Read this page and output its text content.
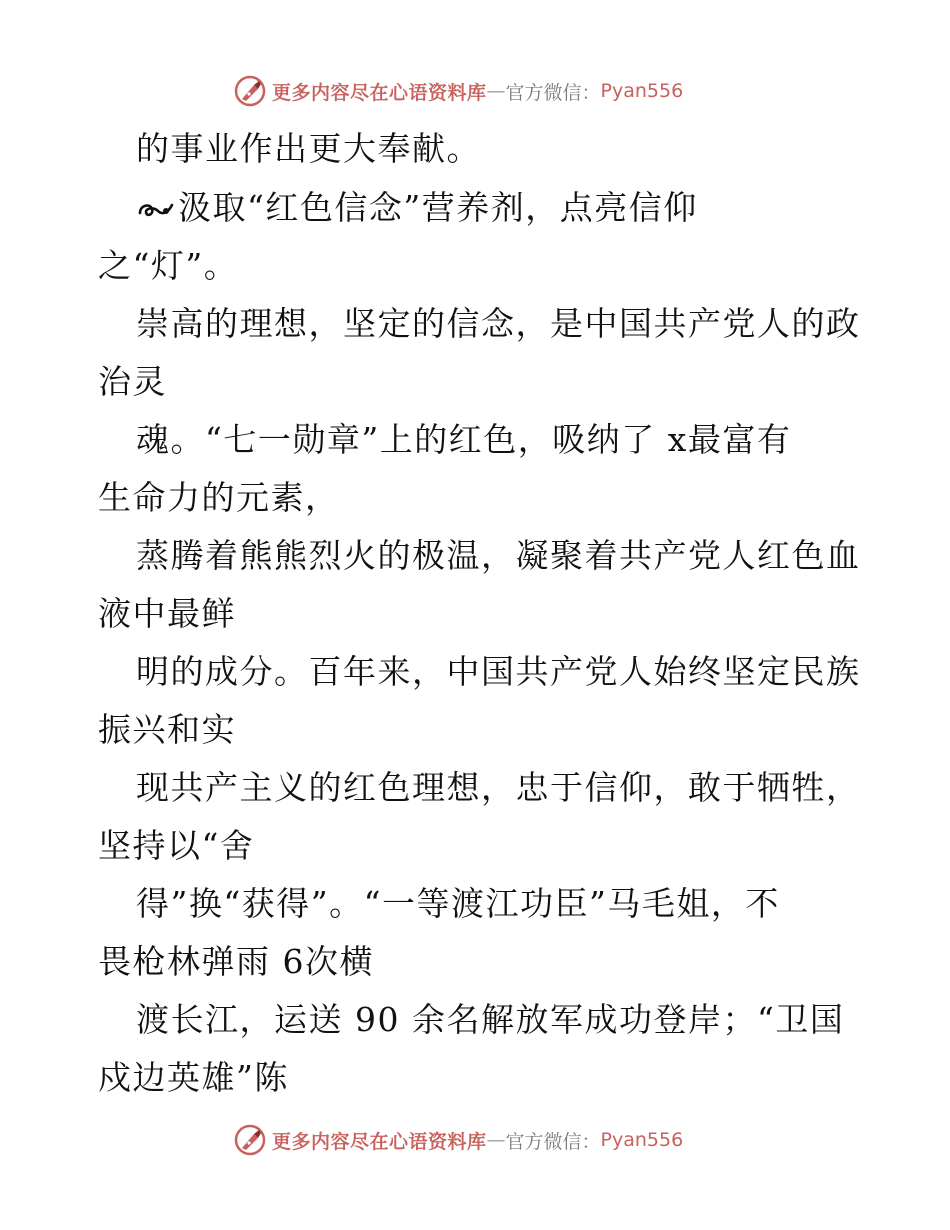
更多内容尽在心语资料库 — 官方微信： Pyan556
的事业作出更大奉献。
汲取“红色信念”营养剂，点亮信仰
之“灯”。
崇高的理想，坚定的信念，是中国共产党人的政
治灵
魂。“七一勋章”上的红色，吸纳了 x最富有
生命力的元素，
蒸腾着熊熊烈火的极温，凝聚着共产党人红色血
液中最鲜
明的成分。百年来，中国共产党人始终坚定民族
振兴和实
现共产主义的红色理想，忠于信仰，敢于牺牲，
坚持以“舍
得”换“获得”。“一等渡江功臣”马毛姐，不
畏枪林弹雨 6次横
渡长江，运送 90 余名解放军成功登岸；“卫国
戍边英雄”陈
更多内容尽在心语资料库 — 官方微信： Pyan556
